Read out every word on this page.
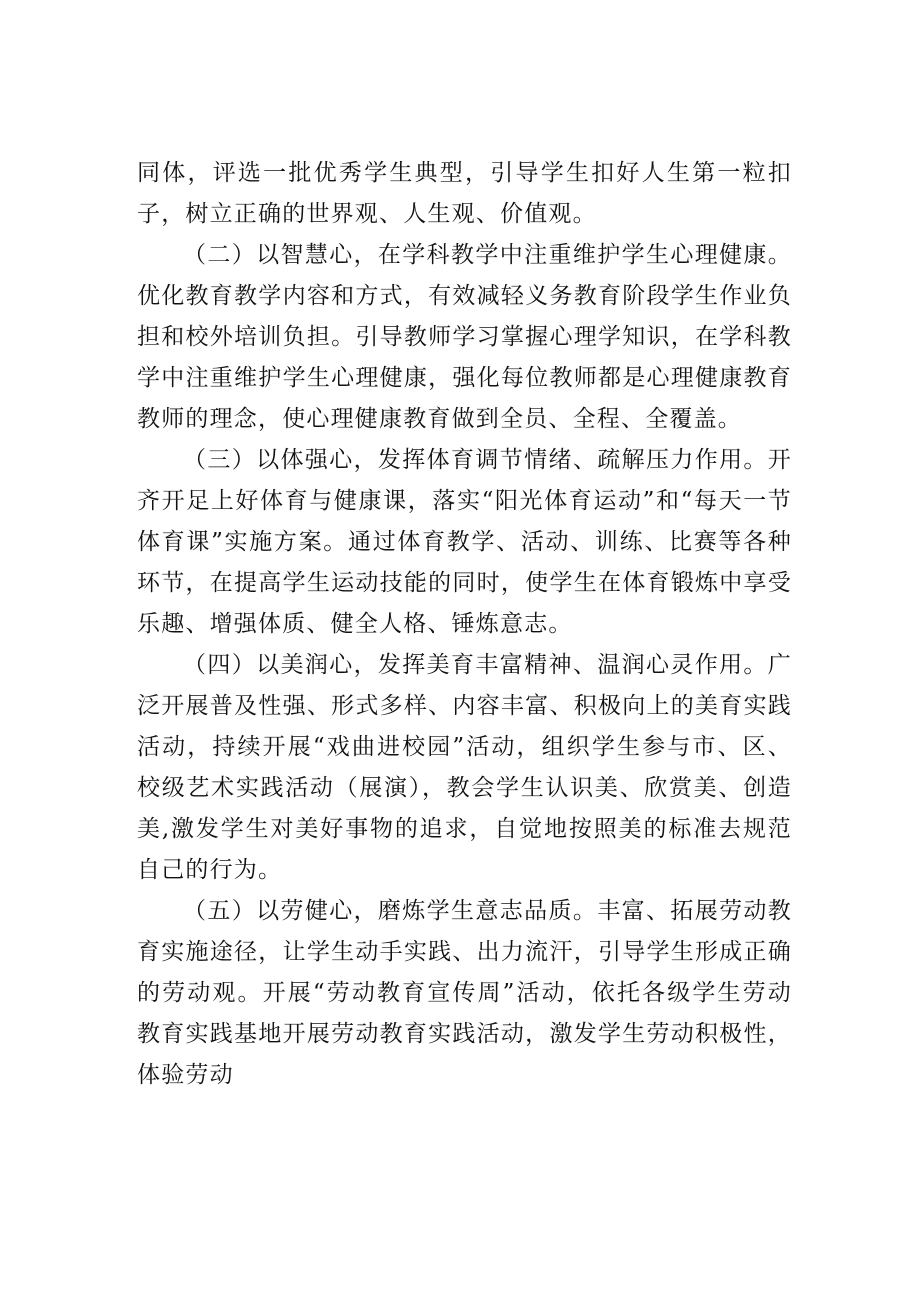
同体，评选一批优秀学生典型，引导学生扣好人生第一粒扣子，树立正确的世界观、人生观、价值观。

（二）以智慧心，在学科教学中注重维护学生心理健康。优化教育教学内容和方式，有效减轻义务教育阶段学生作业负担和校外培训负担。引导教师学习掌握心理学知识，在学科教学中注重维护学生心理健康，强化每位教师都是心理健康教育教师的理念，使心理健康教育做到全员、全程、全覆盖。

（三）以体强心，发挥体育调节情绪、疏解压力作用。开齐开足上好体育与健康课，落实“阳光体育运动”和“每天一节体育课”实施方案。通过体育教学、活动、训练、比赛等各种环节，在提高学生运动技能的同时，使学生在体育锻炼中享受乐趣、增强体质、健全人格、锤炼意志。

（四）以美润心，发挥美育丰富精神、温润心灵作用。广泛开展普及性强、形式多样、内容丰富、积极向上的美育实践活动，持续开展“戏曲进校园”活动，组织学生参与市、区、校级艺术实践活动（展演），教会学生认识美、欣赏美、创造美,激发学生对美好事物的追求，自觉地按照美的标准去规范自己的行为。

（五）以劳健心，磨炼学生意志品质。丰富、拓展劳动教育实施途径，让学生动手实践、出力流汗，引导学生形成正确的劳动观。开展“劳动教育宣传周”活动，依托各级学生劳动教育实践基地开展劳动教育实践活动，激发学生劳动积极性，体验劳动
